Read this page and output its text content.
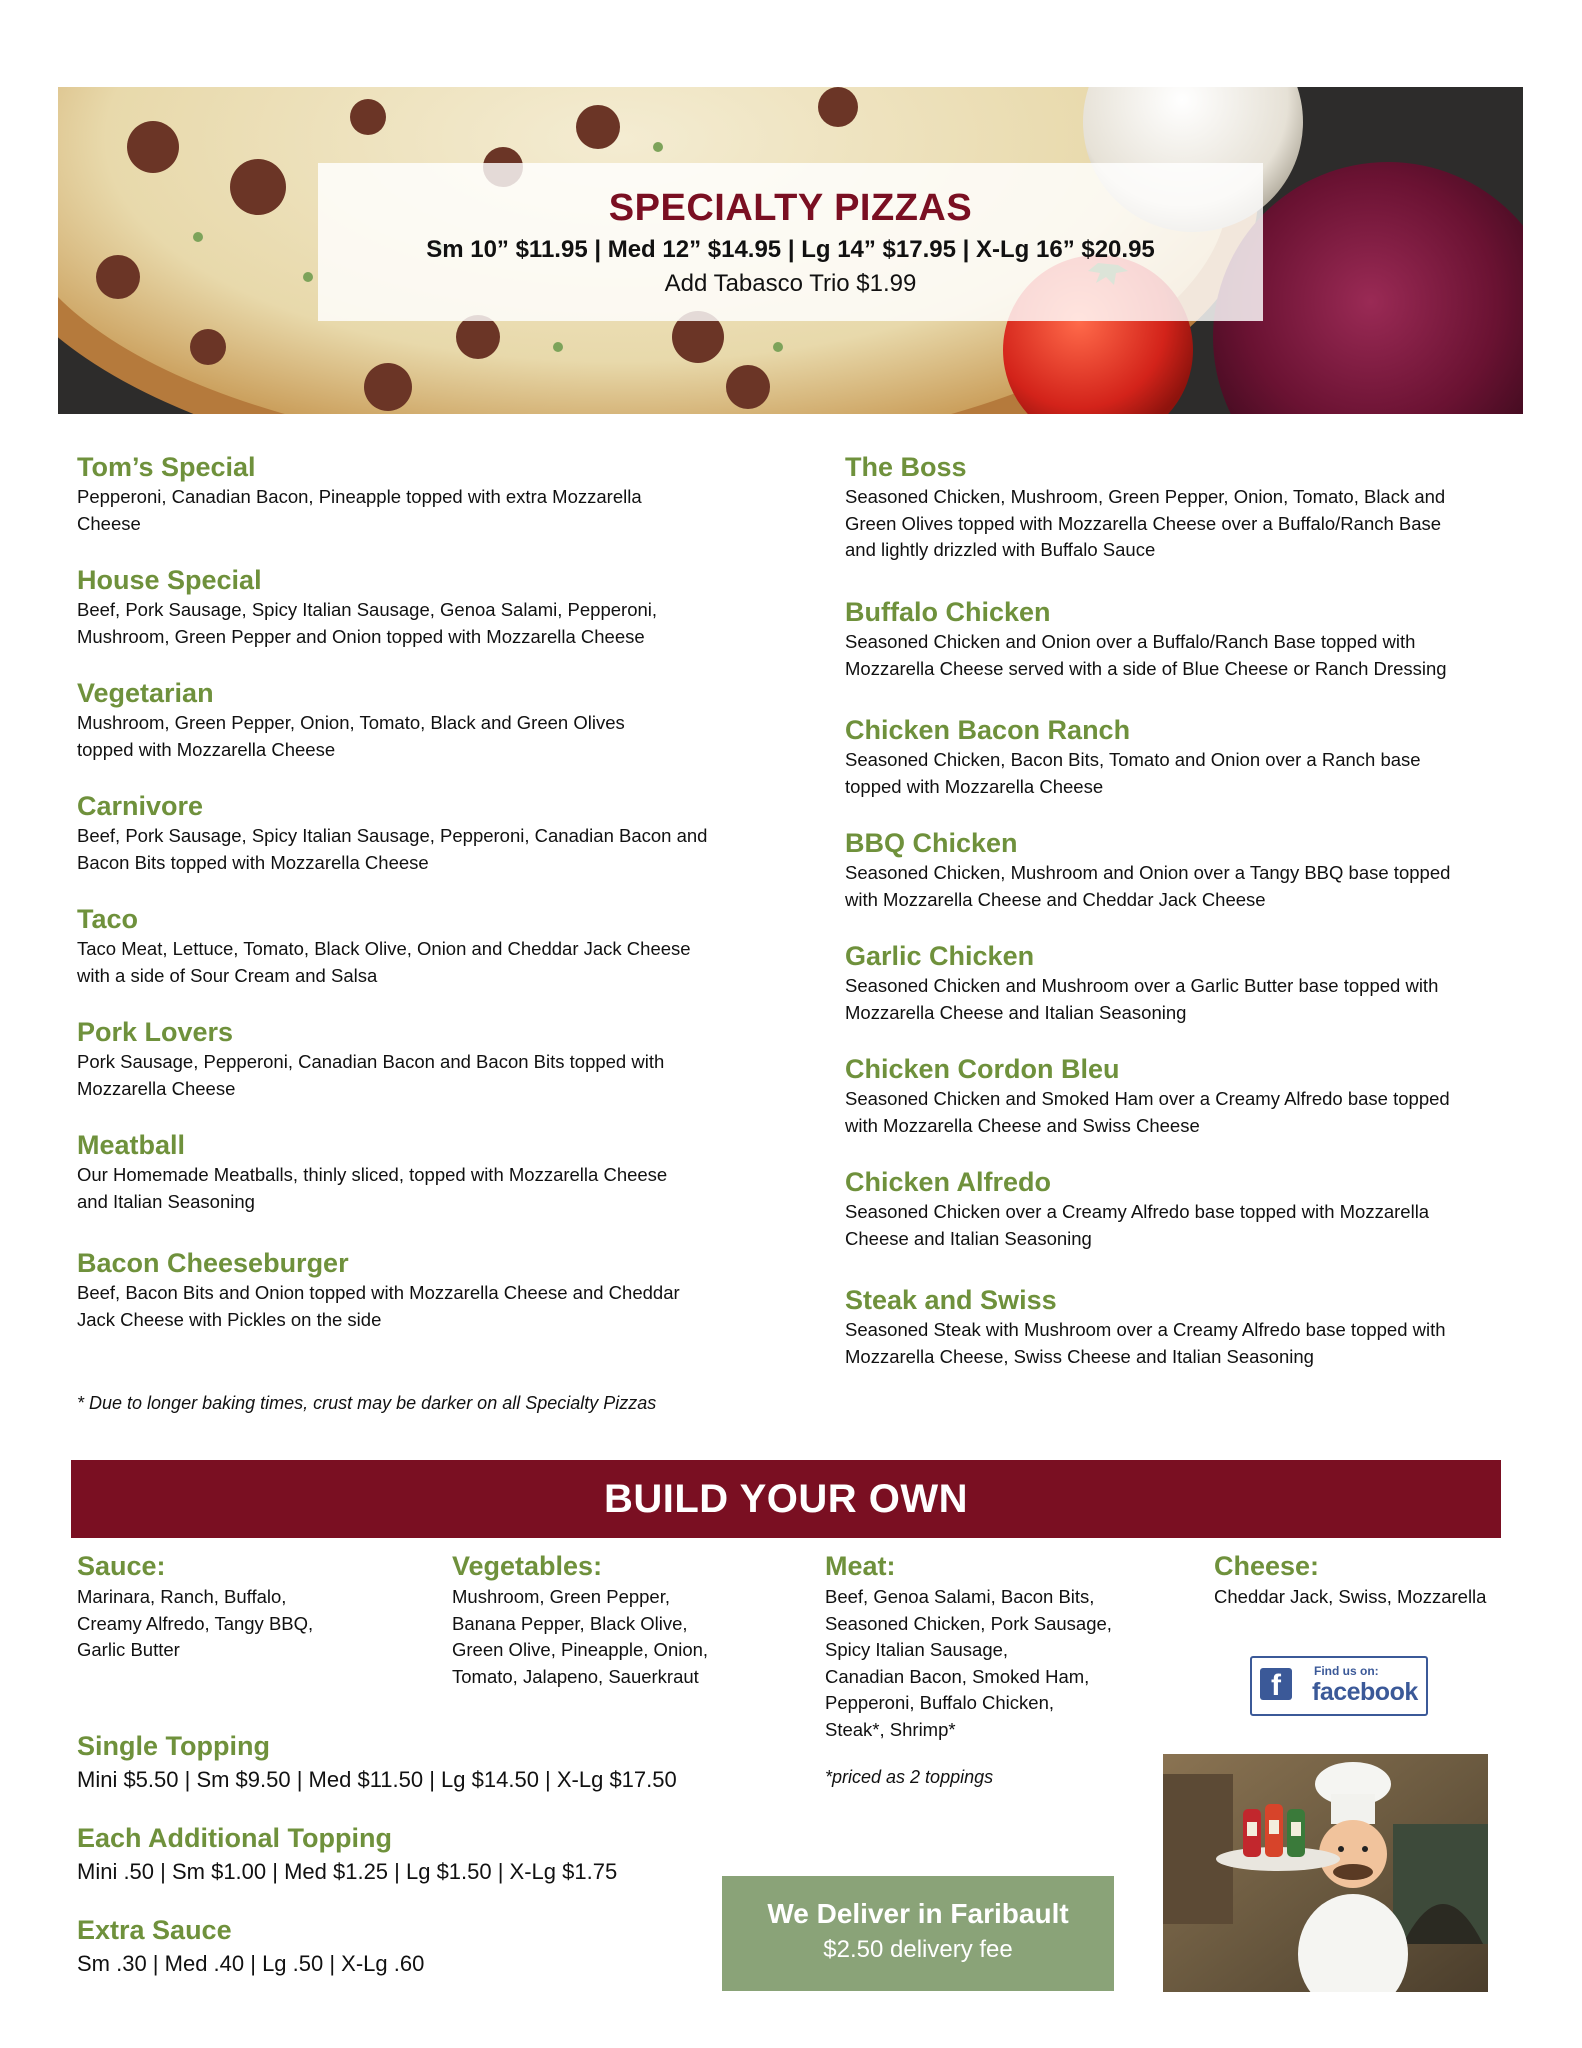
SPECIALTY PIZZAS
Sm 10” $11.95 | Med 12” $14.95 | Lg 14” $17.95 | X-Lg 16” $20.95
Add Tabasco Trio $1.99
Tom’s Special
Pepperoni, Canadian Bacon, Pineapple topped with extra Mozzarella
Cheese
House Special
Beef, Pork Sausage, Spicy Italian Sausage, Genoa Salami, Pepperoni,
Mushroom, Green Pepper and Onion topped with Mozzarella Cheese
Vegetarian
Mushroom, Green Pepper, Onion, Tomato, Black and Green Olives
topped with Mozzarella Cheese
Carnivore
Beef, Pork Sausage, Spicy Italian Sausage, Pepperoni, Canadian Bacon and
Bacon Bits topped with Mozzarella Cheese
Taco
Taco Meat, Lettuce, Tomato, Black Olive, Onion and Cheddar Jack Cheese
with a side of Sour Cream and Salsa
Pork Lovers
Pork Sausage, Pepperoni, Canadian Bacon and Bacon Bits topped with
Mozzarella Cheese
Meatball
Our Homemade Meatballs, thinly sliced, topped with Mozzarella Cheese
and Italian Seasoning
Bacon Cheeseburger
Beef, Bacon Bits and Onion topped with Mozzarella Cheese and Cheddar
Jack Cheese with Pickles on the side
The Boss
Seasoned Chicken, Mushroom, Green Pepper, Onion, Tomato, Black and
Green Olives topped with Mozzarella Cheese over a Buffalo/Ranch Base
and lightly drizzled with Buffalo Sauce
Buffalo Chicken
Seasoned Chicken and Onion over a Buffalo/Ranch Base topped with
Mozzarella Cheese served with a side of Blue Cheese or Ranch Dressing
Chicken Bacon Ranch
Seasoned Chicken, Bacon Bits, Tomato and Onion over a Ranch base
topped with Mozzarella Cheese
BBQ Chicken
Seasoned Chicken, Mushroom and Onion over a Tangy BBQ base topped
with Mozzarella Cheese and Cheddar Jack Cheese
Garlic Chicken
Seasoned Chicken and Mushroom over a Garlic Butter base topped with
Mozzarella Cheese and Italian Seasoning
Chicken Cordon Bleu
Seasoned Chicken and Smoked Ham over a Creamy Alfredo base topped
with Mozzarella Cheese and Swiss Cheese
Chicken Alfredo
Seasoned Chicken over a Creamy Alfredo base topped with Mozzarella
Cheese and Italian Seasoning
Steak and Swiss
Seasoned Steak with Mushroom over a Creamy Alfredo base topped with
Mozzarella Cheese, Swiss Cheese and Italian Seasoning
* Due to longer baking times, crust may be darker on all Specialty Pizzas
BUILD YOUR OWN
Sauce:
Marinara, Ranch, Buffalo,
Creamy Alfredo, Tangy BBQ,
Garlic Butter
Vegetables:
Mushroom, Green Pepper,
Banana Pepper, Black Olive,
Green Olive, Pineapple, Onion,
Tomato, Jalapeno, Sauerkraut
Meat:
Beef, Genoa Salami, Bacon Bits,
Seasoned Chicken, Pork Sausage,
Spicy Italian Sausage,
Canadian Bacon, Smoked Ham,
Pepperoni, Buffalo Chicken,
Steak*, Shrimp*
Cheese:
Cheddar Jack, Swiss, Mozzarella
*priced as 2 toppings
Single Topping
Mini $5.50 | Sm $9.50 | Med $11.50 | Lg $14.50 | X-Lg $17.50
Each Additional Topping
Mini .50 | Sm $1.00 | Med $1.25 | Lg $1.50 | X-Lg $1.75
Extra Sauce
Sm .30 | Med .40 | Lg .50 | X-Lg .60
We Deliver in Faribault
$2.50 delivery fee
f	Find us on:
facebook
